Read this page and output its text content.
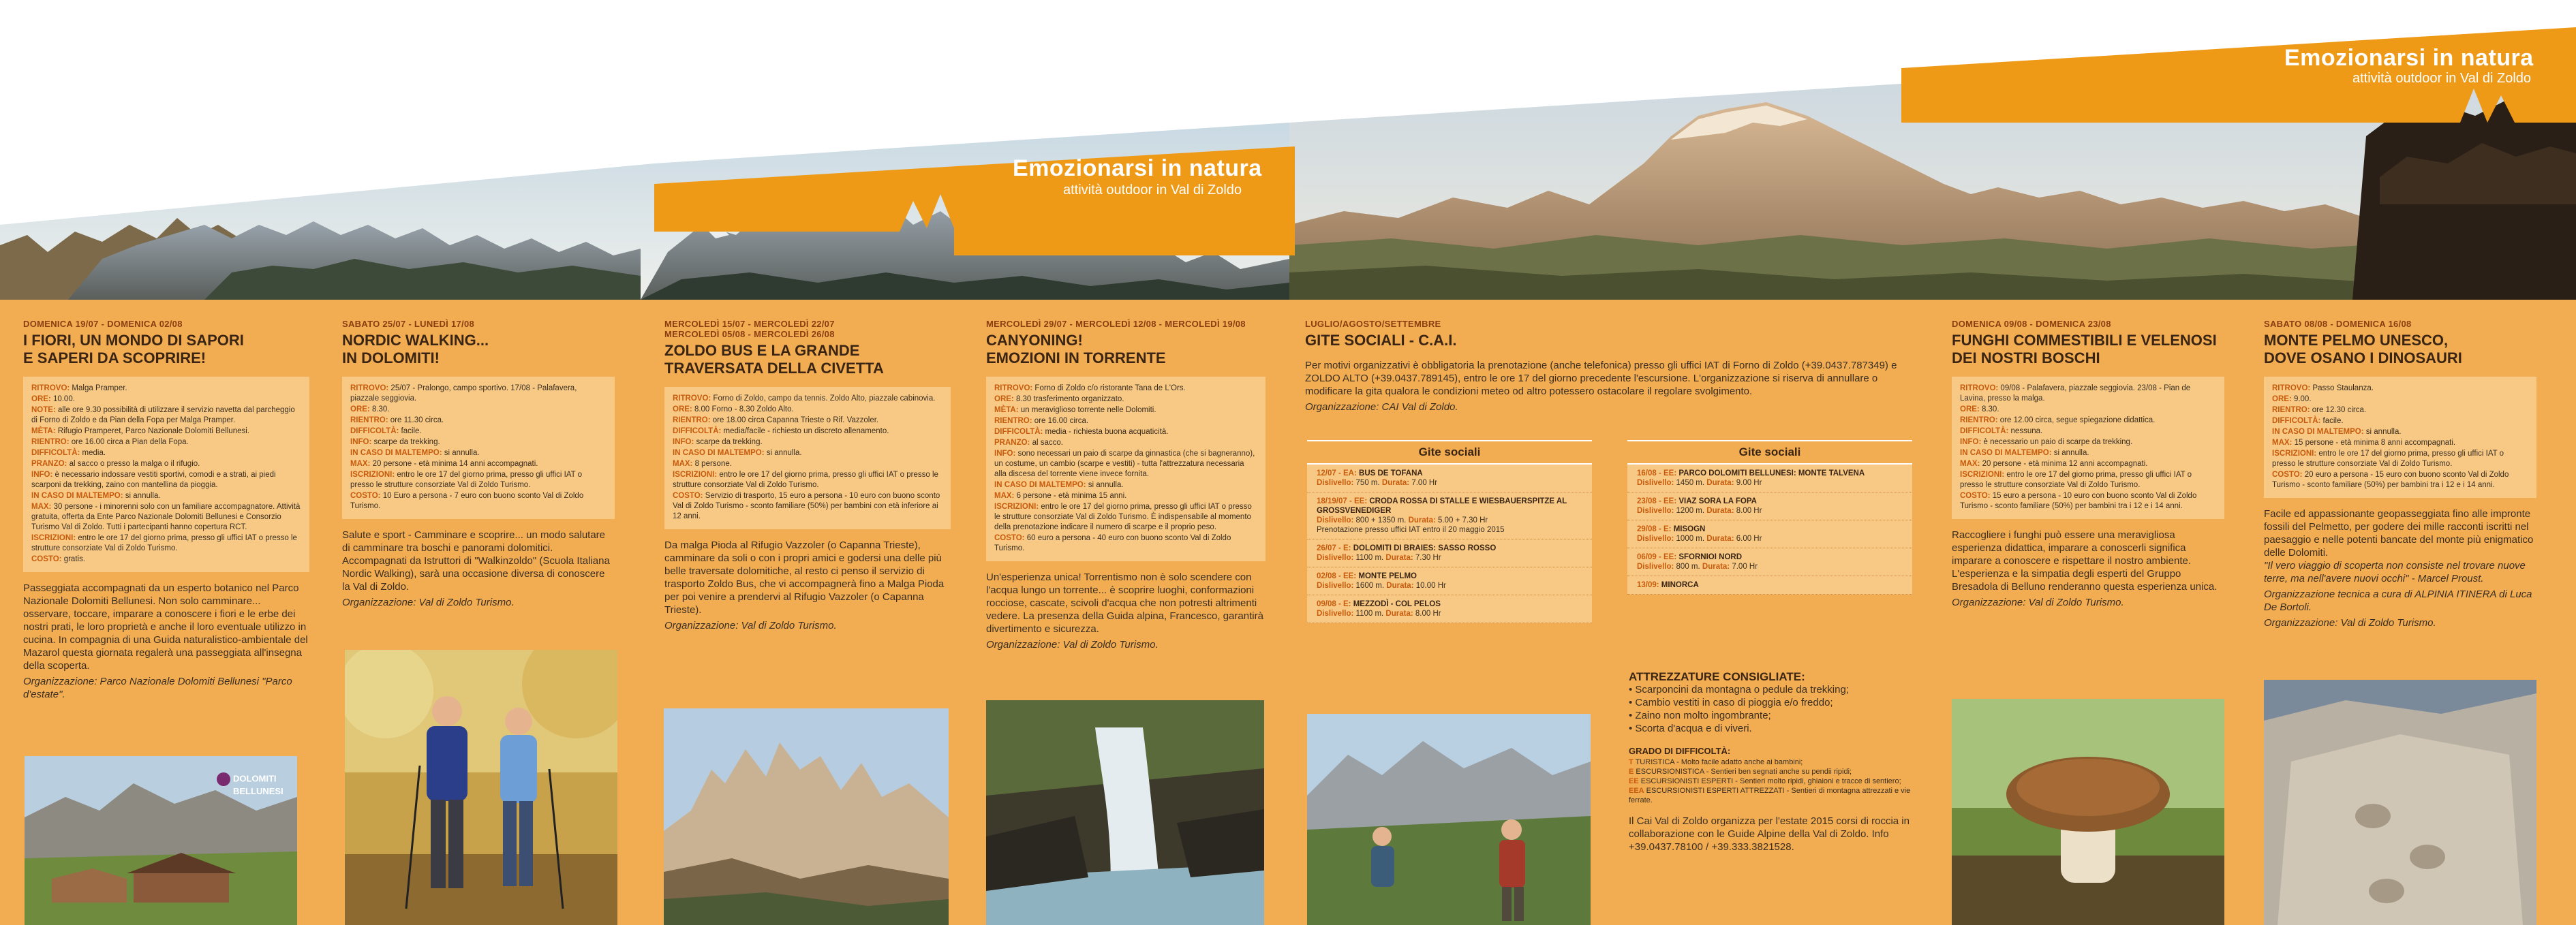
Emozionarsi in natura
attività outdoor in Val di Zoldo
Emozionarsi in natura
attività outdoor in Val di Zoldo
DOMENICA 19/07 - DOMENICA 02/08
I FIORI, UN MONDO DI SAPORI
E SAPERI DA SCOPRIRE!
RITROVO: Malga Pramper.
ORE: 10.00.
NOTE: alle ore 9.30 possibilità di utilizzare il servizio navetta dal parcheggio di Forno di Zoldo e da Pian della Fopa per Malga Pramper.
MÈTA: Rifugio Pramperet, Parco Nazionale Dolomiti Bellunesi.
RIENTRO: ore 16.00 circa a Pian della Fopa.
DIFFICOLTÀ: media.
PRANZO: al sacco o presso la malga o il rifugio.
INFO: è necessario indossare vestiti sportivi, comodi e a strati, ai piedi scarponi da trekking, zaino con mantellina da pioggia.
IN CASO DI MALTEMPO: si annulla.
MAX: 30 persone - i minorenni solo con un familiare accompagnatore. Attività gratuita, offerta da Ente Parco Nazionale Dolomiti Bellunesi e Consorzio Turismo Val di Zoldo. Tutti i partecipanti hanno copertura RCT.
ISCRIZIONI: entro le ore 17 del giorno prima, presso gli uffici IAT o presso le strutture consorziate Val di Zoldo Turismo.
COSTO: gratis.
Passeggiata accompagnati da un esperto botanico nel Parco Nazionale Dolomiti Bellunesi. Non solo camminare... osservare, toccare, imparare a conoscere i fiori e le erbe dei nostri prati, le loro proprietà e anche il loro eventuale utilizzo in cucina. In compagnia di una Guida naturalistico-ambientale del Mazarol questa giornata regalerà una passeggiata all'insegna della scoperta.
Organizzazione: Parco Nazionale Dolomiti Bellunesi "Parco d'estate".
DOLOMITI
BELLUNESI
SABATO 25/07 - LUNEDÌ 17/08
NORDIC WALKING...
IN DOLOMITI!
RITROVO: 25/07 - Pralongo, campo sportivo. 17/08 - Palafavera, piazzale seggiovia.
ORE: 8.30.
RIENTRO: ore 11.30 circa.
DIFFICOLTÀ: facile.
INFO: scarpe da trekking.
IN CASO DI MALTEMPO: si annulla.
MAX: 20 persone - età minima 14 anni accompagnati.
ISCRIZIONI: entro le ore 17 del giorno prima, presso gli uffici IAT o presso le strutture consorziate Val di Zoldo Turismo.
COSTO: 10 Euro a persona - 7 euro con buono sconto Val di Zoldo Turismo.
Salute e sport - Camminare e scoprire... un modo salutare di camminare tra boschi e panorami dolomitici. Accompagnati da Istruttori di "Walkinzoldo" (Scuola Italiana Nordic Walking), sarà una occasione diversa di conoscere la Val di Zoldo.
Organizzazione: Val di Zoldo Turismo.
MERCOLEDÌ 15/07 - MERCOLEDÌ 22/07 MERCOLEDÌ 05/08 - MERCOLEDÌ 26/08
ZOLDO BUS E LA GRANDE
TRAVERSATA DELLA CIVETTA
RITROVO: Forno di Zoldo, campo da tennis. Zoldo Alto, piazzale cabinovia.
ORE: 8.00 Forno - 8.30 Zoldo Alto.
RIENTRO: ore 18.00 circa Capanna Trieste o Rif. Vazzoler.
DIFFICOLTÀ: media/facile - richiesto un discreto allenamento.
INFO: scarpe da trekking.
IN CASO DI MALTEMPO: si annulla.
MAX: 8 persone.
ISCRIZIONI: entro le ore 17 del giorno prima, presso gli uffici IAT o presso le strutture consorziate Val di Zoldo Turismo.
COSTO: Servizio di trasporto, 15 euro a persona - 10 euro con buono sconto Val di Zoldo Turismo - sconto familiare (50%) per bambini con età inferiore ai 12 anni.
Da malga Pioda al Rifugio Vazzoler (o Capanna Trieste), camminare da soli o con i propri amici e godersi una delle più belle traversate dolomitiche, al resto ci penso il servizio di trasporto Zoldo Bus, che vi accompagnerà fino a Malga Pioda per poi venire a prendervi al Rifugio Vazzoler (o Capanna Trieste).
Organizzazione: Val di Zoldo Turismo.
MERCOLEDÌ 29/07 - MERCOLEDÌ 12/08 - MERCOLEDÌ 19/08
CANYONING!
EMOZIONI IN TORRENTE
RITROVO: Forno di Zoldo c/o ristorante Tana de L'Ors.
ORE: 8.30 trasferimento organizzato.
MÈTA: un meraviglioso torrente nelle Dolomiti.
RIENTRO: ore 16.00 circa.
DIFFICOLTÀ: media - richiesta buona acquaticità.
PRANZO: al sacco.
INFO: sono necessari un paio di scarpe da ginnastica (che si bagneranno), un costume, un cambio (scarpe e vestiti) - tutta l'attrezzatura necessaria alla discesa del torrente viene invece fornita.
IN CASO DI MALTEMPO: si annulla.
MAX: 6 persone - età minima 15 anni.
ISCRIZIONI: entro le ore 17 del giorno prima, presso gli uffici IAT o presso le strutture consorziate Val di Zoldo Turismo. È indispensabile al momento della prenotazione indicare il numero di scarpe e il proprio peso.
COSTO: 60 euro a persona - 40 euro con buono sconto Val di Zoldo Turismo.
Un'esperienza unica! Torrentismo non è solo scendere con l'acqua lungo un torrente... è scoprire luoghi, conformazioni rocciose, cascate, scivoli d'acqua che non potresti altrimenti vedere. La presenza della Guida alpina, Francesco, garantirà divertimento e sicurezza.
Organizzazione: Val di Zoldo Turismo.
LUGLIO/AGOSTO/SETTEMBRE
GITE SOCIALI - C.A.I.
Per motivi organizzativi è obbligatoria la prenotazione (anche telefonica) presso gli uffici IAT di Forno di Zoldo (+39.0437.787349) e ZOLDO ALTO (+39.0437.789145), entro le ore 17 del giorno precedente l'escursione. L'organizzazione si riserva di annullare o modificare la gita qualora le condizioni meteo od altro potessero ostacolare il regolare svolgimento.
Organizzazione: CAI Val di Zoldo.
Gite sociali
12/07 - EA: BUS DE TOFANA
Dislivello: 750 m. Durata: 7.00 Hr
18/19/07 - EE: CRODA ROSSA DI STALLE E WIESBAUERSPITZE AL GROSSVENEDIGER
Dislivello: 800 + 1350 m. Durata: 5.00 + 7.30 Hr
Prenotazione presso uffici IAT entro il 20 maggio 2015
26/07 - E: DOLOMITI DI BRAIES: SASSO ROSSO
Dislivello: 1100 m. Durata: 7.30 Hr
02/08 - EE: MONTE PELMO
Dislivello: 1600 m. Durata: 10.00 Hr
09/08 - E: MEZZODÌ - COL PELOS
Dislivello: 1100 m. Durata: 8.00 Hr
Gite sociali
16/08 - EE: PARCO DOLOMITI BELLUNESI: MONTE TALVENA
Dislivello: 1450 m. Durata: 9.00 Hr
23/08 - EE: VIAZ SORA LA FOPA
Dislivello: 1200 m. Durata: 8.00 Hr
29/08 - E: MISOGN
Dislivello: 1000 m. Durata: 6.00 Hr
06/09 - EE: SFORNIOI NORD
Dislivello: 800 m. Durata: 7.00 Hr
13/09: MINORCA
ATTREZZATURE CONSIGLIATE:
• Scarponcini da montagna o pedule da trekking;
• Cambio vestiti in caso di pioggia e/o freddo;
• Zaino non molto ingombrante;
• Scorta d'acqua e di viveri.
GRADO DI DIFFICOLTÀ:
T TURISTICA - Molto facile adatto anche ai bambini;
E ESCURSIONISTICA - Sentieri ben segnati anche su pendii ripidi;
EE ESCURSIONISTI ESPERTI - Sentieri molto ripidi, ghiaioni e tracce di sentiero;
EEA ESCURSIONISTI ESPERTI ATTREZZATI - Sentieri di montagna attrezzati e vie ferrate.
Il Cai Val di Zoldo organizza per l'estate 2015 corsi di roccia in collaborazione con le Guide Alpine della Val di Zoldo. Info +39.0437.78100 / +39.333.3821528.
DOMENICA 09/08 - DOMENICA 23/08
FUNGHI COMMESTIBILI E VELENOSI
DEI NOSTRI BOSCHI
RITROVO: 09/08 - Palafavera, piazzale seggiovia. 23/08 - Pian de Lavina, presso la malga.
ORE: 8.30.
RIENTRO: ore 12.00 circa, segue spiegazione didattica.
DIFFICOLTÀ: nessuna.
INFO: è necessario un paio di scarpe da trekking.
IN CASO DI MALTEMPO: si annulla.
MAX: 20 persone - età minima 12 anni accompagnati.
ISCRIZIONI: entro le ore 17 del giorno prima, presso gli uffici IAT o presso le strutture consorziate Val di Zoldo Turismo.
COSTO: 15 euro a persona - 10 euro con buono sconto Val di Zoldo Turismo - sconto familiare (50%) per bambini tra i 12 e i 14 anni.
Raccogliere i funghi può essere una meravigliosa esperienza didattica, imparare a conoscerli significa imparare a conoscere e rispettare il nostro ambiente. L'esperienza e la simpatia degli esperti del Gruppo Bresadola di Belluno renderanno questa esperienza unica.
Organizzazione: Val di Zoldo Turismo.
SABATO 08/08 - DOMENICA 16/08
MONTE PELMO UNESCO,
DOVE OSANO I DINOSAURI
RITROVO: Passo Staulanza.
ORE: 9.00.
RIENTRO: ore 12.30 circa.
DIFFICOLTÀ: facile.
IN CASO DI MALTEMPO: si annulla.
MAX: 15 persone - età minima 8 anni accompagnati.
ISCRIZIONI: entro le ore 17 del giorno prima, presso gli uffici IAT o presso le strutture consorziate Val di Zoldo Turismo.
COSTO: 20 euro a persona - 15 euro con buono sconto Val di Zoldo Turismo - sconto familiare (50%) per bambini tra i 12 e i 14 anni.
Facile ed appassionante geopasseggiata fino alle impronte fossili del Pelmetto, per godere dei mille racconti iscritti nel paesaggio e nelle potenti bancate del monte più enigmatico delle Dolomiti.
"Il vero viaggio di scoperta non consiste nel trovare nuove terre, ma nell'avere nuovi occhi" - Marcel Proust.
Organizzazione tecnica a cura di ALPINIA ITINERA di Luca De Bortoli.
Organizzazione: Val di Zoldo Turismo.
